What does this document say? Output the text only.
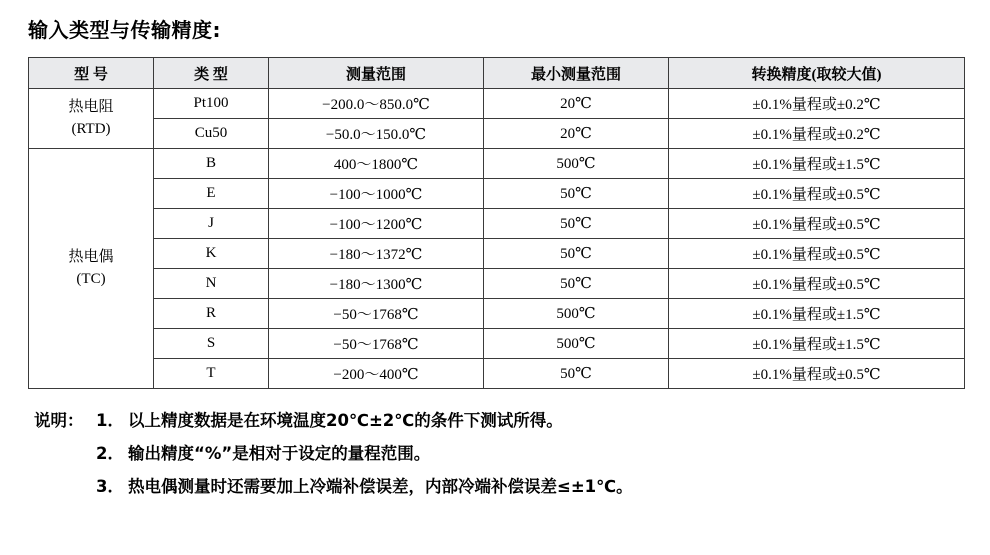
输入类型与传输精度:
型 号	类 型	测量范围	最小测量范围	转换精度(取较大值)

热电阻
(RTD)	Pt100	−200.0～850.0℃	20℃	±0.1%量程或±0.2℃
	Cu50	−50.0～150.0℃	20℃	±0.1%量程或±0.2℃

热电偶
(TC)	B	400～1800℃	500℃	±0.1%量程或±1.5℃
	E	−100～1000℃	50℃	±0.1%量程或±0.5℃
	J	−100～1200℃	50℃	±0.1%量程或±0.5℃
	K	−180～1372℃	50℃	±0.1%量程或±0.5℃
	N	−180～1300℃	50℃	±0.1%量程或±0.5℃
	R	−50～1768℃	500℃	±0.1%量程或±1.5℃
	S	−50～1768℃	500℃	±0.1%量程或±1.5℃
	T	−200～400℃	50℃	±0.1%量程或±0.5℃
说明： 1． 以上精度数据是在环境温度20℃±2℃的条件下测试所得。
2． 输出精度“%”是相对于设定的量程范围。
3． 热电偶测量时还需要加上冷端补偿误差，内部冷端补偿误差≤±1℃。
